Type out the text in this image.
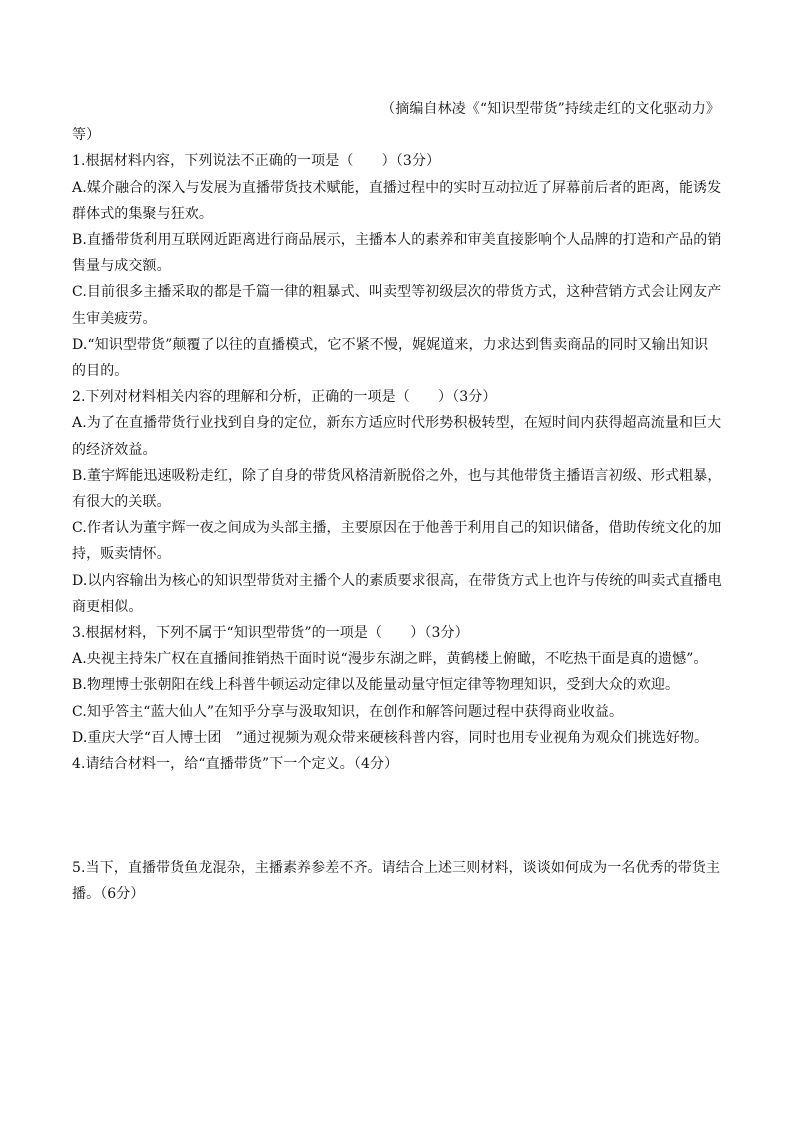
（摘编自林凌《“知识型带货”持续走红的文化驱动力》
等）
1.根据材料内容，下列说法不正确的一项是（　　）（3分）
A.媒介融合的深入与发展为直播带货技术赋能，直播过程中的实时互动拉近了屏幕前后者的距离，能诱发
群体式的集聚与狂欢。
B.直播带货利用互联网近距离进行商品展示，主播本人的素养和审美直接影响个人品牌的打造和产品的销
售量与成交额。
C.目前很多主播采取的都是千篇一律的粗暴式、叫卖型等初级层次的带货方式，这种营销方式会让网友产
生审美疲劳。
D.“知识型带货”颠覆了以往的直播模式，它不紧不慢，娓娓道来，力求达到售卖商品的同时又输出知识
的目的。
2.下列对材料相关内容的理解和分析，正确的一项是（　　）（3分）
A.为了在直播带货行业找到自身的定位，新东方适应时代形势积极转型，在短时间内获得超高流量和巨大
的经济效益。
B.董宇辉能迅速吸粉走红，除了自身的带货风格清新脱俗之外，也与其他带货主播语言初级、形式粗暴，
有很大的关联。
C.作者认为董宇辉一夜之间成为头部主播，主要原因在于他善于利用自己的知识储备，借助传统文化的加
持，贩卖情怀。
D.以内容输出为核心的知识型带货对主播个人的素质要求很高，在带货方式上也许与传统的叫卖式直播电
商更相似。
3.根据材料，下列不属于“知识型带货”的一项是（　　）（3分）
A.央视主持朱广权在直播间推销热干面时说“漫步东湖之畔，黄鹤楼上俯瞰，不吃热干面是真的遗憾”。
B.物理博士张朝阳在线上科普牛顿运动定律以及能量动量守恒定律等物理知识，受到大众的欢迎。
C.知乎答主“蓝大仙人”在知乎分享与汲取知识，在创作和解答问题过程中获得商业收益。
D.重庆大学“百人博士团　”通过视频为观众带来硬核科普内容，同时也用专业视角为观众们挑选好物。
4.请结合材料一，给“直播带货”下一个定义。（4分）
5.当下，直播带货鱼龙混杂，主播素养参差不齐。请结合上述三则材料，谈谈如何成为一名优秀的带货主
播。（6分）
